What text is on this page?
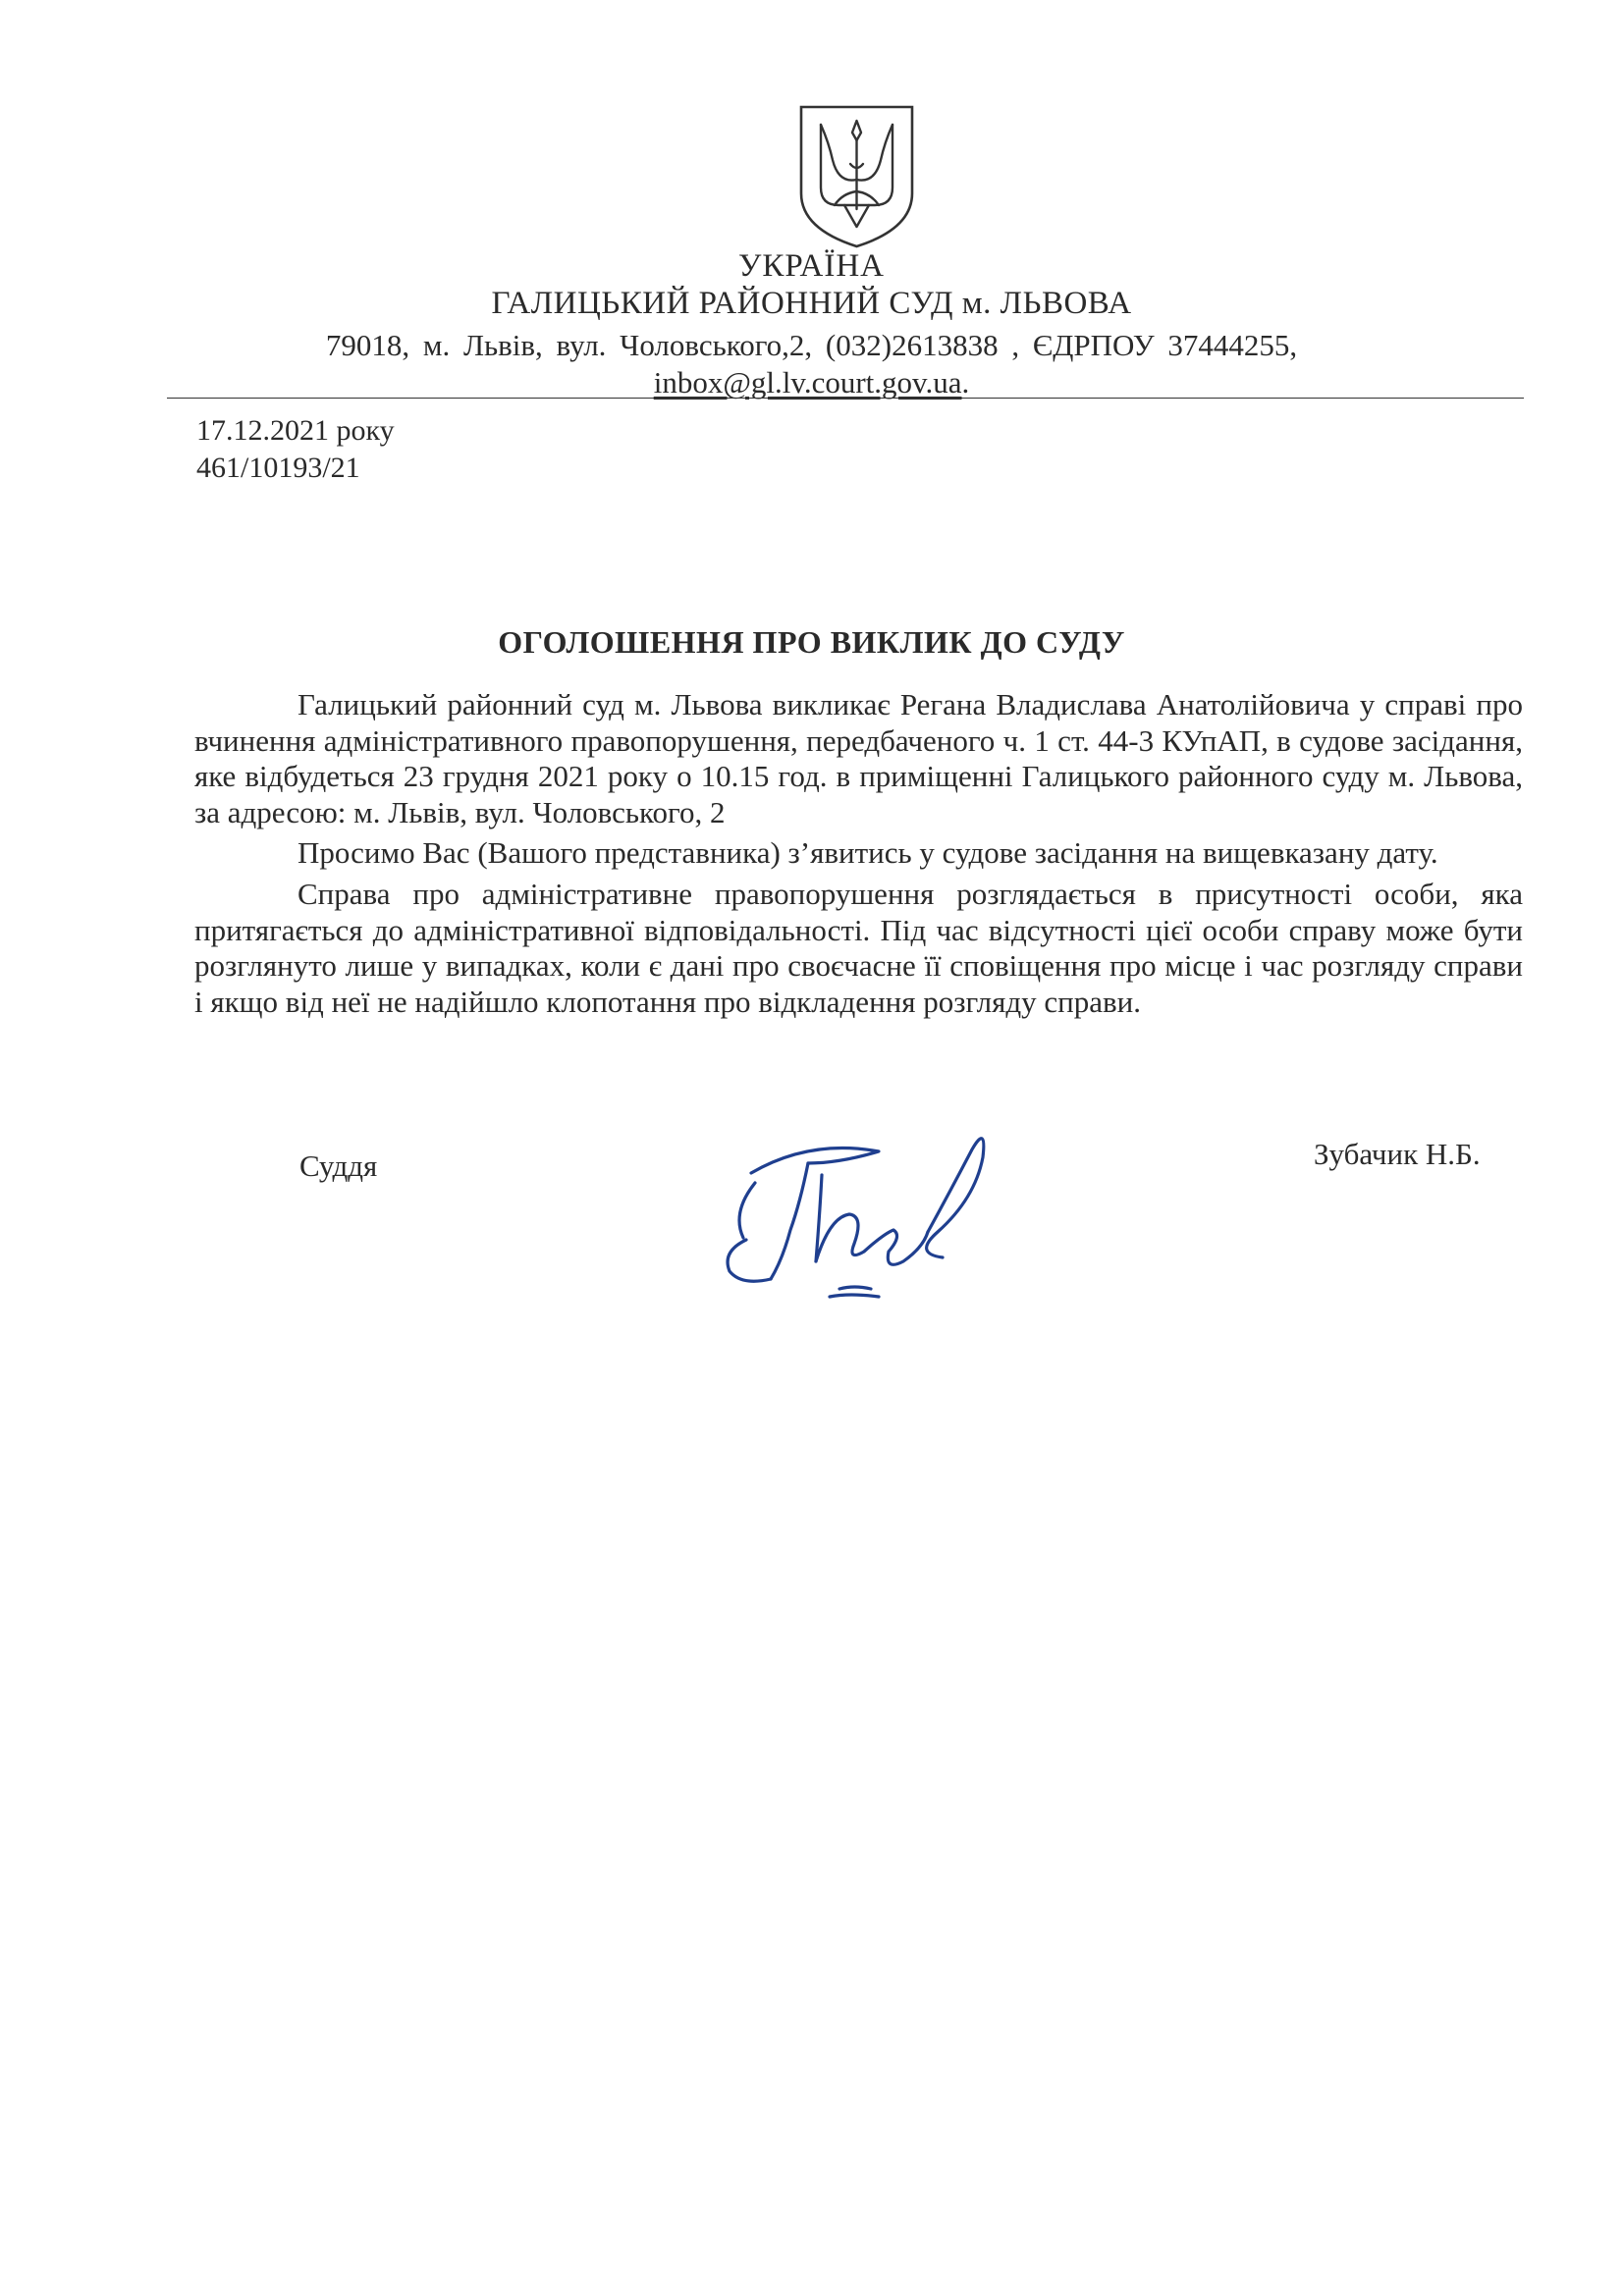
УКРАЇНА
ГАЛИЦЬКИЙ РАЙОННИЙ СУД м. ЛЬВОВА
79018, м. Львів, вул. Чоловського,2, (032)2613838 , ЄДРПОУ 37444255,
inbox@gl.lv.court.gov.ua.
17.12.2021 року
461/10193/21
ОГОЛОШЕННЯ ПРО ВИКЛИК ДО СУДУ

Галицький районний суд м. Львова викликає Регана Владислава Анатолійовича у справі про вчинення адміністративного правопорушення, передбаченого ч. 1 ст. 44-3 КУпАП, в судове засідання, яке відбудеться 23 грудня 2021 року о 10.15 год. в приміщенні Галицького районного суду м. Львова, за адресою: м. Львів, вул. Чоловського, 2

Просимо Вас (Вашого представника) з’явитись у судове засідання на вищевказану дату.

Справа про адміністративне правопорушення розглядається в присутності особи, яка притягається до адміністративної відповідальності. Під час відсутності цієї особи справу може бути розглянуто лише у випадках, коли є дані про своєчасне її сповіщення про місце і час розгляду справи і якщо від неї не надійшло клопотання про відкладення розгляду справи.

Суддя	Зубачик Н.Б.
